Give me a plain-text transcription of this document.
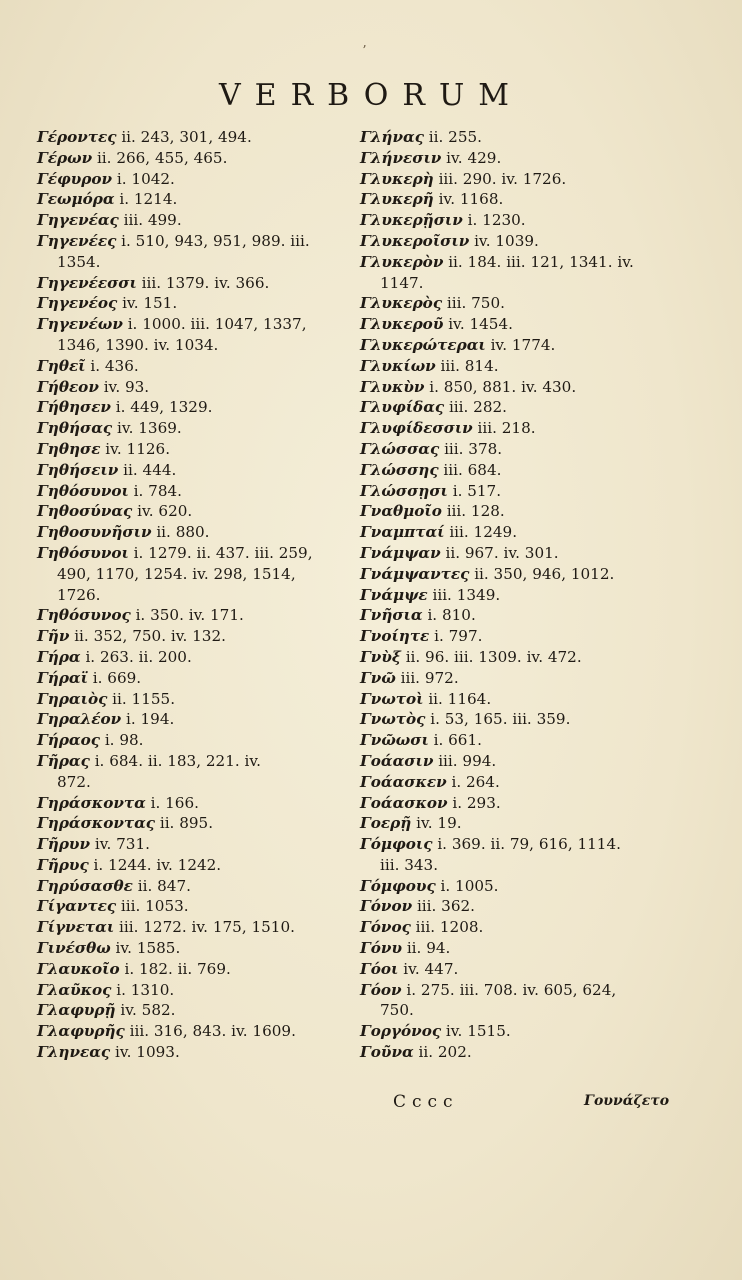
ʼ
VERBORUM
Γέροντες ii. 243, 301, 494.
Γέρων ii. 266, 455, 465.
Γέφυρον i. 1042.
Γεωμόρα i. 1214.
Γηγενέας iii. 499.
Γηγενέες i. 510, 943, 951, 989. iii.
1354.
Γηγενέεσσι iii. 1379. iv. 366.
Γηγενέος iv. 151.
Γηγενέων i. 1000. iii. 1047, 1337,
1346, 1390. iv. 1034.
Γηθεῖ i. 436.
Γήθεον iv. 93.
Γήθησεν i. 449, 1329.
Γηθήσας iv. 1369.
Γηθησε iv. 1126.
Γηθήσειν ii. 444.
Γηθόσυνοι i. 784.
Γηθοσύνας iv. 620.
Γηθοσυνῆσιν ii. 880.
Γηθόσυνοι i. 1279. ii. 437. iii. 259,
490, 1170, 1254. iv. 298, 1514,
1726.
Γηθόσυνος i. 350. iv. 171.
Γῆν ii. 352, 750. iv. 132.
Γήρα i. 263. ii. 200.
Γήραϊ i. 669.
Γηραιὸς ii. 1155.
Γηραλέον i. 194.
Γήραος i. 98.
Γῆρας i. 684. ii. 183, 221. iv.
872.
Γηράσκοντα i. 166.
Γηράσκοντας ii. 895.
Γῆρυν iv. 731.
Γῆρυς i. 1244. iv. 1242.
Γηρύσασθε ii. 847.
Γίγαντες iii. 1053.
Γίγνεται iii. 1272. iv. 175, 1510.
Γινέσθω iv. 1585.
Γλαυκοῖο i. 182. ii. 769.
Γλαῦκος i. 1310.
Γλαφυρῇ iv. 582.
Γλαφυρῆς iii. 316, 843. iv. 1609.
Γληνεας iv. 1093.
Γλήνας ii. 255.
Γλήνεσιν iv. 429.
Γλυκερὴ iii. 290. iv. 1726.
Γλυκερῆ iv. 1168.
Γλυκερῇσιν i. 1230.
Γλυκεροῖσιν iv. 1039.
Γλυκερὸν ii. 184. iii. 121, 1341. iv.
1147.
Γλυκερὸς iii. 750.
Γλυκεροῦ iv. 1454.
Γλυκερώτεραι iv. 1774.
Γλυκίων iii. 814.
Γλυκὺν i. 850, 881. iv. 430.
Γλυφίδας iii. 282.
Γλυφίδεσσιν iii. 218.
Γλώσσας iii. 378.
Γλώσσης iii. 684.
Γλώσσῃσι i. 517.
Γναθμοῖο iii. 128.
Γναμπταί iii. 1249.
Γνάμψαν ii. 967. iv. 301.
Γνάμψαντες ii. 350, 946, 1012.
Γνάμψε iii. 1349.
Γνῆσια i. 810.
Γνοίητε i. 797.
Γνὺξ ii. 96. iii. 1309. iv. 472.
Γνῶ iii. 972.
Γνωτοὶ ii. 1164.
Γνωτὸς i. 53, 165. iii. 359.
Γνῶωσι i. 661.
Γοάασιν iii. 994.
Γοάασκεν i. 264.
Γοάασκον i. 293.
Γοερῇ iv. 19.
Γόμφοις i. 369. ii. 79, 616, 1114.
iii. 343.
Γόμφους i. 1005.
Γόνον iii. 362.
Γόνος iii. 1208.
Γόνυ ii. 94.
Γόοι iv. 447.
Γόον i. 275. iii. 708. iv. 605, 624,
750.
Γοργόνος iv. 1515.
Γοῦνα ii. 202.
Cccc	Γουνάζετο
